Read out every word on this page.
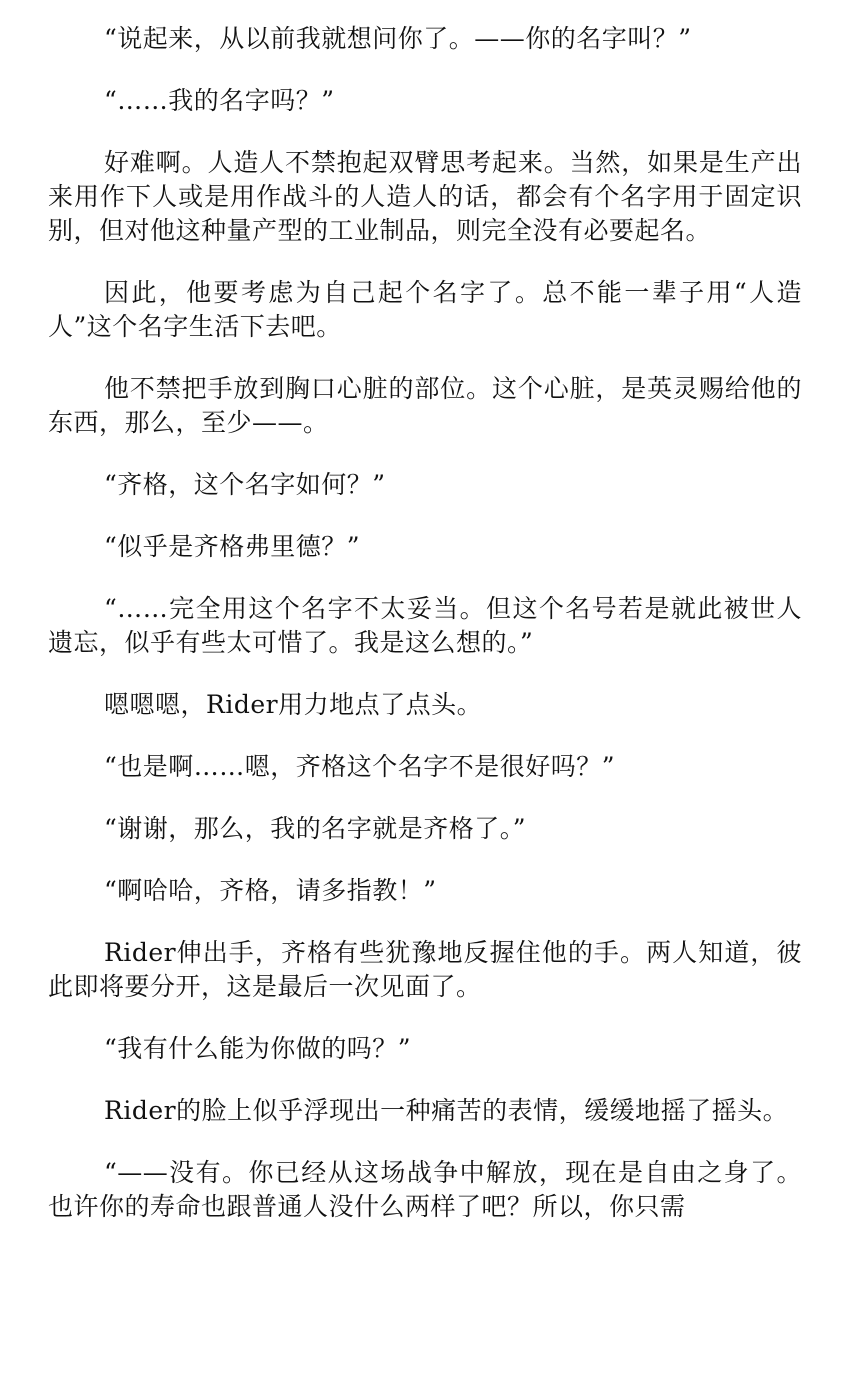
“说起来，从以前我就想问你了。——你的名字叫？”

“……我的名字吗？”

好难啊。人造人不禁抱起双臂思考起来。当然，如果是生产出来用作下人或是用作战斗的人造人的话，都会有个名字用于固定识别，但对他这种量产型的工业制品，则完全没有必要起名。

因此，他要考虑为自己起个名字了。总不能一辈子用“人造人”这个名字生活下去吧。

他不禁把手放到胸口心脏的部位。这个心脏，是英灵赐给他的东西，那么，至少——。

“齐格，这个名字如何？”

“似乎是齐格弗里德？”

“……完全用这个名字不太妥当。但这个名号若是就此被世人遗忘，似乎有些太可惜了。我是这么想的。”

嗯嗯嗯，Rider用力地点了点头。

“也是啊……嗯，齐格这个名字不是很好吗？”

“谢谢，那么，我的名字就是齐格了。”

“啊哈哈，齐格，请多指教！”

Rider伸出手，齐格有些犹豫地反握住他的手。两人知道，彼此即将要分开，这是最后一次见面了。

“我有什么能为你做的吗？”

Rider的脸上似乎浮现出一种痛苦的表情，缓缓地摇了摇头。

“——没有。你已经从这场战争中解放，现在是自由之身了。也许你的寿命也跟普通人没什么两样了吧？所以，你只需
